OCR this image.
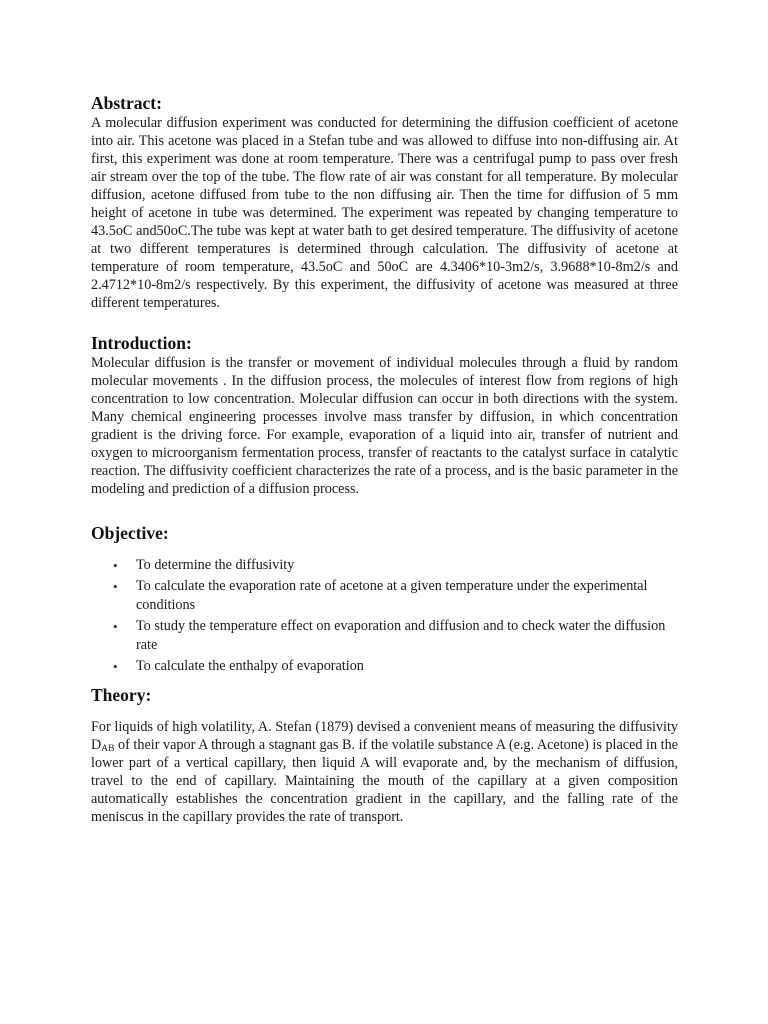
Abstract:

A molecular diffusion experiment was conducted for determining the diffusion coefficient of acetone into air. This acetone was placed in a Stefan tube and was allowed to diffuse into non-diffusing air. At first, this experiment was done at room temperature. There was a centrifugal pump to pass over fresh air stream over the top of the tube. The flow rate of air was constant for all temperature. By molecular diffusion, acetone diffused from tube to the non diffusing air. Then the time for diffusion of 5 mm height of acetone in tube was determined. The experiment was repeated by changing temperature to 43.5oC and50oC.The tube was kept at water bath to get desired temperature. The diffusivity of acetone at two different temperatures is determined through calculation. The diffusivity of acetone at temperature of room temperature, 43.5oC and 50oC are 4.3406*10-3m2/s, 3.9688*10-8m2/s and 2.4712*10-8m2/s respectively. By this experiment, the diffusivity of acetone was measured at three different temperatures.

Introduction:

Molecular diffusion is the transfer or movement of individual molecules through a fluid by random molecular movements . In the diffusion process, the molecules of interest flow from regions of high concentration to low concentration. Molecular diffusion can occur in both directions with the system. Many chemical engineering processes involve mass transfer by diffusion, in which concentration gradient is the driving force. For example, evaporation of a liquid into air, transfer of nutrient and oxygen to microorganism fermentation process, transfer of reactants to the catalyst surface in catalytic reaction. The diffusivity coefficient characterizes the rate of a process, and is the basic parameter in the modeling and prediction of a diffusion process.

Objective:
• To determine the diffusivity
• To calculate the evaporation rate of acetone at a given temperature under the experimental conditions
• To study the temperature effect on evaporation and diffusion and to check water the diffusion rate
• To calculate the enthalpy of evaporation
Theory:

For liquids of high volatility, A. Stefan (1879) devised a convenient means of measuring the diffusivity $D_{AB}$ of their vapor A through a stagnant gas B. if the volatile substance A (e.g. Acetone) is placed in the lower part of a vertical capillary, then liquid A will evaporate and, by the mechanism of diffusion, travel to the end of capillary. Maintaining the mouth of the capillary at a given composition automatically establishes the concentration gradient in the capillary, and the falling rate of the meniscus in the capillary provides the rate of transport.
